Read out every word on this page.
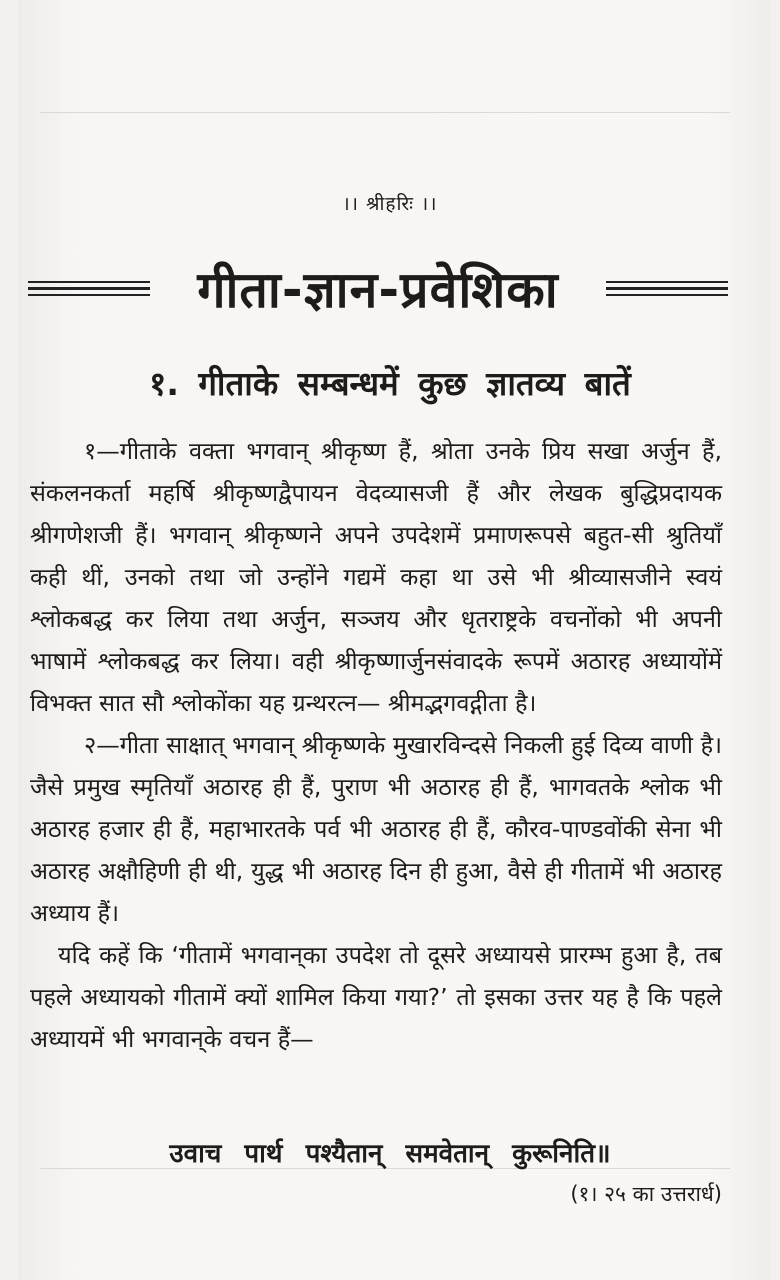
।। श्रीहरिः ।।
गीता-ज्ञान-प्रवेशिका
१. गीताके सम्बन्धमें कुछ ज्ञातव्य बातें

१—गीताके वक्ता भगवान् श्रीकृष्ण हैं, श्रोता उनके प्रिय सखा अर्जुन हैं, संकलनकर्ता महर्षि श्रीकृष्णद्वैपायन वेदव्यासजी हैं और लेखक बुद्धिप्रदायक श्रीगणेशजी हैं। भगवान् श्रीकृष्णने अपने उपदेशमें प्रमाणरूपसे बहुत-सी श्रुतियाँ कही थीं, उनको तथा जो उन्होंने गद्यमें कहा था उसे भी श्रीव्यासजीने स्वयं श्लोकबद्ध कर लिया तथा अर्जुन, सञ्जय और धृतराष्ट्रके वचनोंको भी अपनी भाषामें श्लोकबद्ध कर लिया। वही श्रीकृष्णार्जुनसंवादके रूपमें अठारह अध्यायोंमें विभक्त सात सौ श्लोकोंका यह ग्रन्थरत्न— श्रीमद्भगवद्गीता है।

२—गीता साक्षात् भगवान् श्रीकृष्णके मुखारविन्दसे निकली हुई दिव्य वाणी है। जैसे प्रमुख स्मृतियाँ अठारह ही हैं, पुराण भी अठारह ही हैं, भागवतके श्लोक भी अठारह हजार ही हैं, महाभारतके पर्व भी अठारह ही हैं, कौरव-पाण्डवोंकी सेना भी अठारह अक्षौहिणी ही थी, युद्ध भी अठारह दिन ही हुआ, वैसे ही गीतामें भी अठारह अध्याय हैं।

यदि कहें कि ‘गीतामें भगवान्‌का उपदेश तो दूसरे अध्यायसे प्रारम्भ हुआ है, तब पहले अध्यायको गीतामें क्यों शामिल किया गया?’ तो इसका उत्तर यह है कि पहले अध्यायमें भी भगवान्‌के वचन हैं—

उवाच पार्थ पश्यैतान् समवेतान् कुरूनिति॥
(१। २५ का उत्तरार्ध)
